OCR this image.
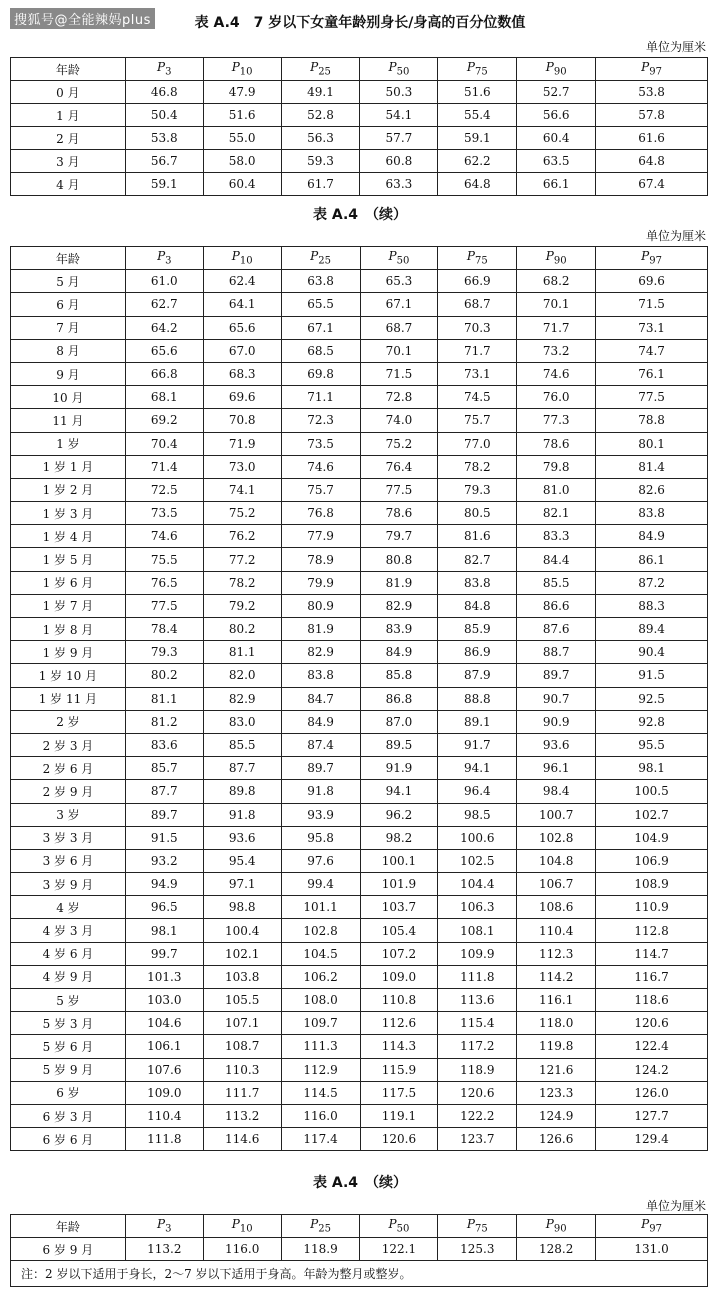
搜狐号@全能辣妈plus	表 A.4　7 岁以下女童年龄别身长/身高的百分位数值
单位为厘米
年龄	$P_3$	$P_{10}$	$P_{25}$	$P_{50}$	$P_{75}$	$P_{90}$	$P_{97}$
0 月	46.8	47.9	49.1	50.3	51.6	52.7	53.8
1 月	50.4	51.6	52.8	54.1	55.4	56.6	57.8
2 月	53.8	55.0	56.3	57.7	59.1	60.4	61.6
3 月	56.7	58.0	59.3	60.8	62.2	63.5	64.8
4 月	59.1	60.4	61.7	63.3	64.8	66.1	67.4
表 A.4　（续）
单位为厘米
年龄	$P_3$	$P_{10}$	$P_{25}$	$P_{50}$	$P_{75}$	$P_{90}$	$P_{97}$
5 月	61.0	62.4	63.8	65.3	66.9	68.2	69.6
6 月	62.7	64.1	65.5	67.1	68.7	70.1	71.5
7 月	64.2	65.6	67.1	68.7	70.3	71.7	73.1
8 月	65.6	67.0	68.5	70.1	71.7	73.2	74.7
9 月	66.8	68.3	69.8	71.5	73.1	74.6	76.1
10 月	68.1	69.6	71.1	72.8	74.5	76.0	77.5
11 月	69.2	70.8	72.3	74.0	75.7	77.3	78.8
1 岁	70.4	71.9	73.5	75.2	77.0	78.6	80.1
1 岁 1 月	71.4	73.0	74.6	76.4	78.2	79.8	81.4
1 岁 2 月	72.5	74.1	75.7	77.5	79.3	81.0	82.6
1 岁 3 月	73.5	75.2	76.8	78.6	80.5	82.1	83.8
1 岁 4 月	74.6	76.2	77.9	79.7	81.6	83.3	84.9
1 岁 5 月	75.5	77.2	78.9	80.8	82.7	84.4	86.1
1 岁 6 月	76.5	78.2	79.9	81.9	83.8	85.5	87.2
1 岁 7 月	77.5	79.2	80.9	82.9	84.8	86.6	88.3
1 岁 8 月	78.4	80.2	81.9	83.9	85.9	87.6	89.4
1 岁 9 月	79.3	81.1	82.9	84.9	86.9	88.7	90.4
1 岁 10 月	80.2	82.0	83.8	85.8	87.9	89.7	91.5
1 岁 11 月	81.1	82.9	84.7	86.8	88.8	90.7	92.5
2 岁	81.2	83.0	84.9	87.0	89.1	90.9	92.8
2 岁 3 月	83.6	85.5	87.4	89.5	91.7	93.6	95.5
2 岁 6 月	85.7	87.7	89.7	91.9	94.1	96.1	98.1
2 岁 9 月	87.7	89.8	91.8	94.1	96.4	98.4	100.5
3 岁	89.7	91.8	93.9	96.2	98.5	100.7	102.7
3 岁 3 月	91.5	93.6	95.8	98.2	100.6	102.8	104.9
3 岁 6 月	93.2	95.4	97.6	100.1	102.5	104.8	106.9
3 岁 9 月	94.9	97.1	99.4	101.9	104.4	106.7	108.9
4 岁	96.5	98.8	101.1	103.7	106.3	108.6	110.9
4 岁 3 月	98.1	100.4	102.8	105.4	108.1	110.4	112.8
4 岁 6 月	99.7	102.1	104.5	107.2	109.9	112.3	114.7
4 岁 9 月	101.3	103.8	106.2	109.0	111.8	114.2	116.7
5 岁	103.0	105.5	108.0	110.8	113.6	116.1	118.6
5 岁 3 月	104.6	107.1	109.7	112.6	115.4	118.0	120.6
5 岁 6 月	106.1	108.7	111.3	114.3	117.2	119.8	122.4
5 岁 9 月	107.6	110.3	112.9	115.9	118.9	121.6	124.2
6 岁	109.0	111.7	114.5	117.5	120.6	123.3	126.0
6 岁 3 月	110.4	113.2	116.0	119.1	122.2	124.9	127.7
6 岁 6 月	111.8	114.6	117.4	120.6	123.7	126.6	129.4
表 A.4　（续）
单位为厘米
年龄	$P_3$	$P_{10}$	$P_{25}$	$P_{50}$	$P_{75}$	$P_{90}$	$P_{97}$
6 岁 9 月	113.2	116.0	118.9	122.1	125.3	128.2	131.0
注：2 岁以下适用于身长，2〜7 岁以下适用于身高。年龄为整月或整岁。							
